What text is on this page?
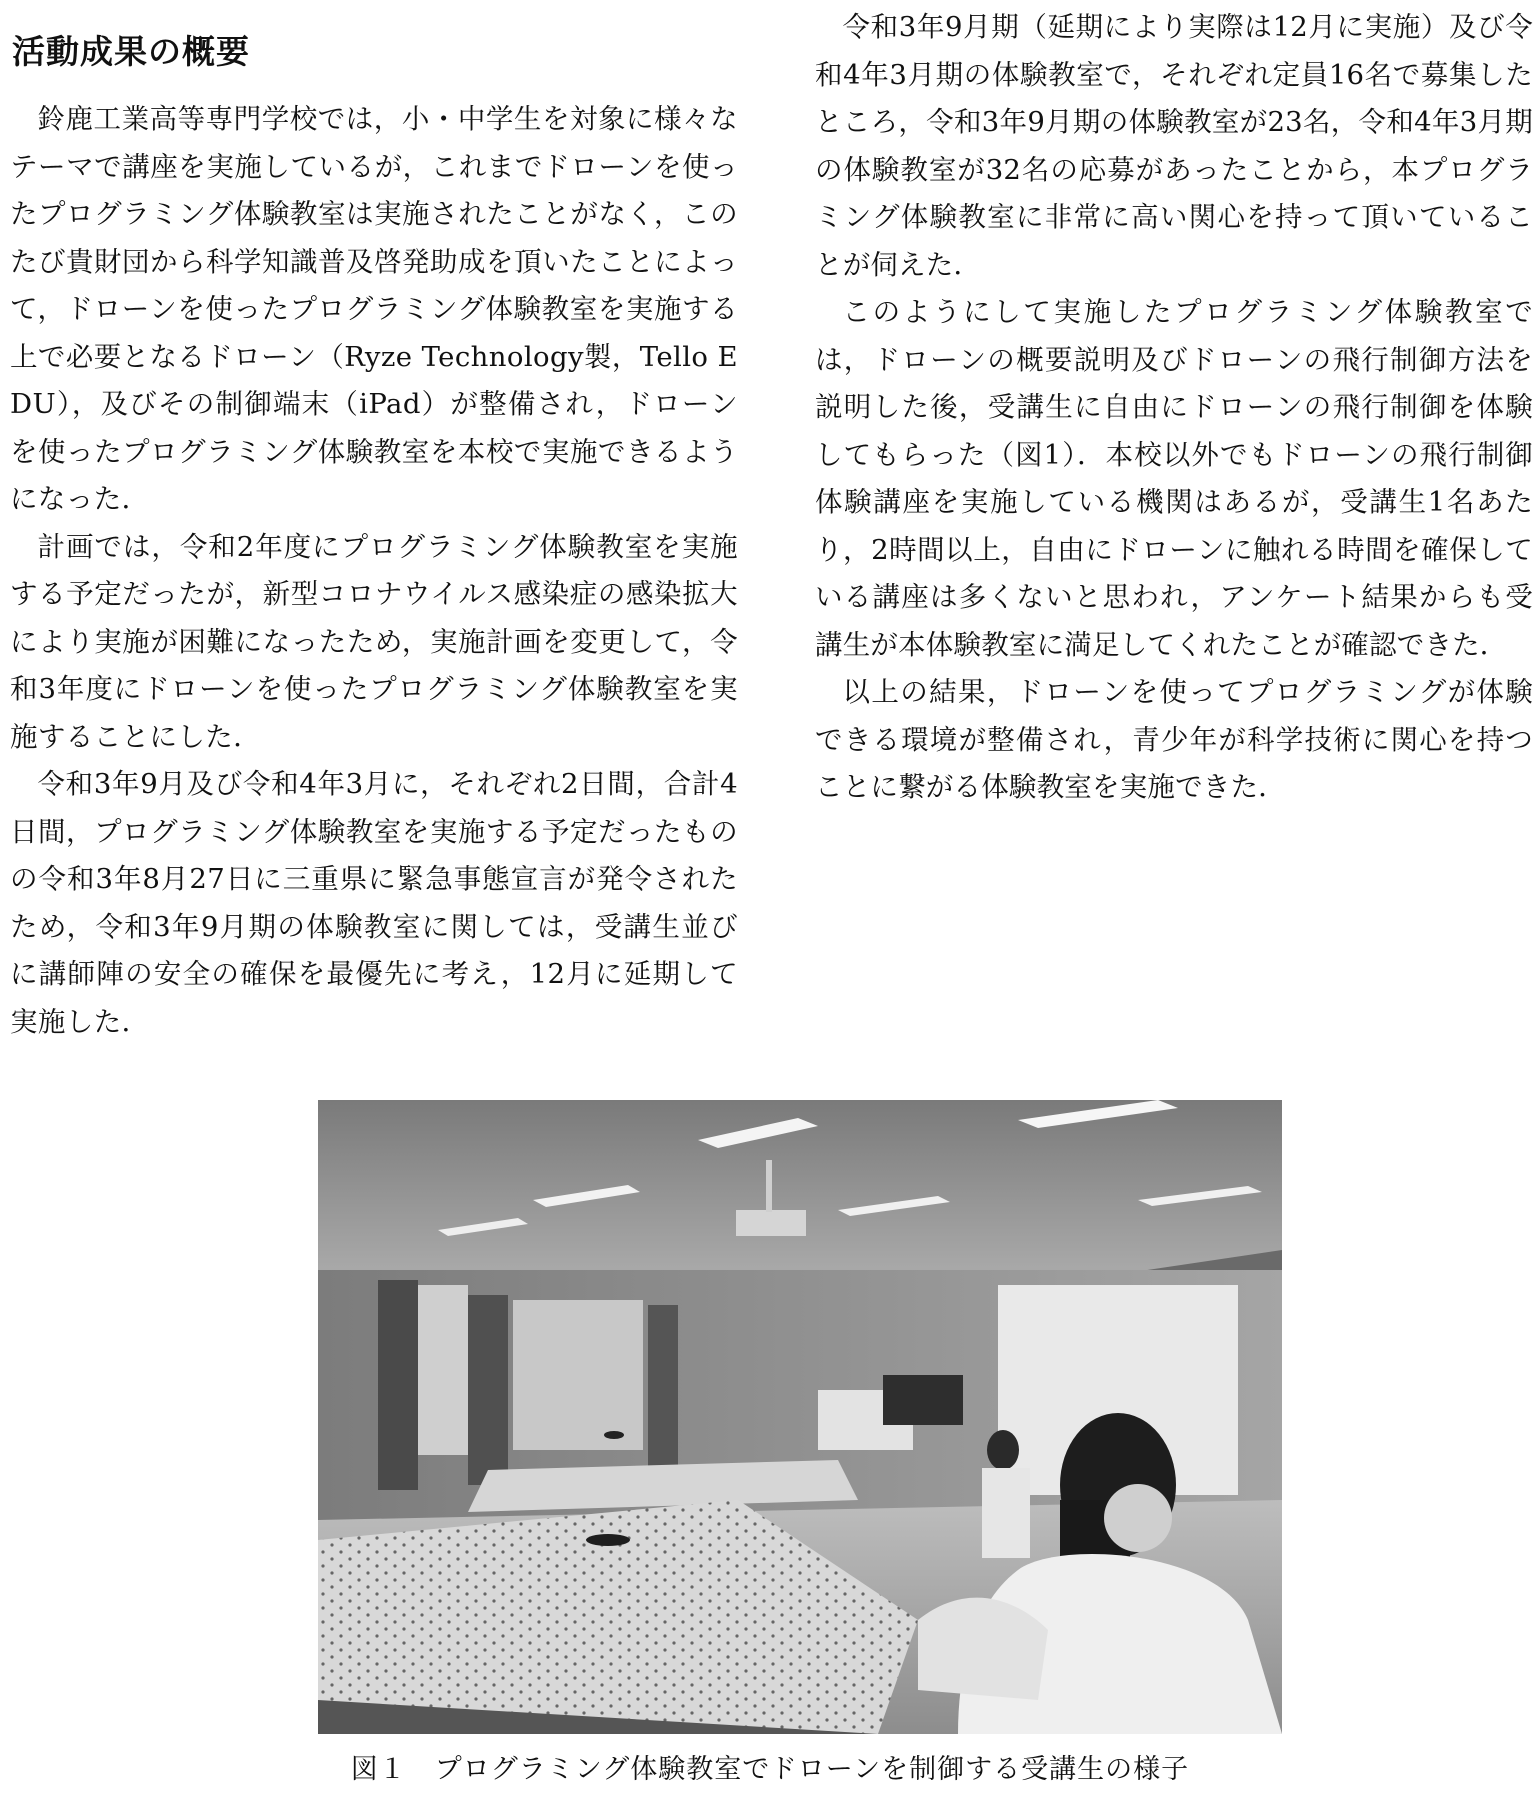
活動成果の概要

鈴鹿工業高等専門学校では，小・中学生を対象に様々なテーマで講座を実施しているが，これまでドローンを使ったプログラミング体験教室は実施されたことがなく，このたび貴財団から科学知識普及啓発助成を頂いたことによって，ドローンを使ったプログラミング体験教室を実施する上で必要となるドローン（Ryze Technology製，Tello EDU），及びその制御端末（iPad）が整備され，ドローンを使ったプログラミング体験教室を本校で実施できるようになった．

計画では，令和2年度にプログラミング体験教室を実施する予定だったが，新型コロナウイルス感染症の感染拡大により実施が困難になったため，実施計画を変更して，令和3年度にドローンを使ったプログラミング体験教室を実施することにした．

令和3年9月及び令和4年3月に，それぞれ2日間，合計4日間，プログラミング体験教室を実施する予定だったものの令和3年8月27日に三重県に緊急事態宣言が発令されたため，令和3年9月期の体験教室に関しては，受講生並びに講師陣の安全の確保を最優先に考え，12月に延期して実施した．

令和3年9月期（延期により実際は12月に実施）及び令和4年3月期の体験教室で，それぞれ定員16名で募集したところ，令和3年9月期の体験教室が23名，令和4年3月期の体験教室が32名の応募があったことから，本プログラミング体験教室に非常に高い関心を持って頂いていることが伺えた．

このようにして実施したプログラミング体験教室では，ドローンの概要説明及びドローンの飛行制御方法を説明した後，受講生に自由にドローンの飛行制御を体験してもらった（図1）．本校以外でもドローンの飛行制御体験講座を実施している機関はあるが，受講生1名あたり，2時間以上，自由にドローンに触れる時間を確保している講座は多くないと思われ，アンケート結果からも受講生が本体験教室に満足してくれたことが確認できた．

以上の結果，ドローンを使ってプログラミングが体験できる環境が整備され，青少年が科学技術に関心を持つことに繋がる体験教室を実施できた．

図１　プログラミング体験教室でドローンを制御する受講生の様子
